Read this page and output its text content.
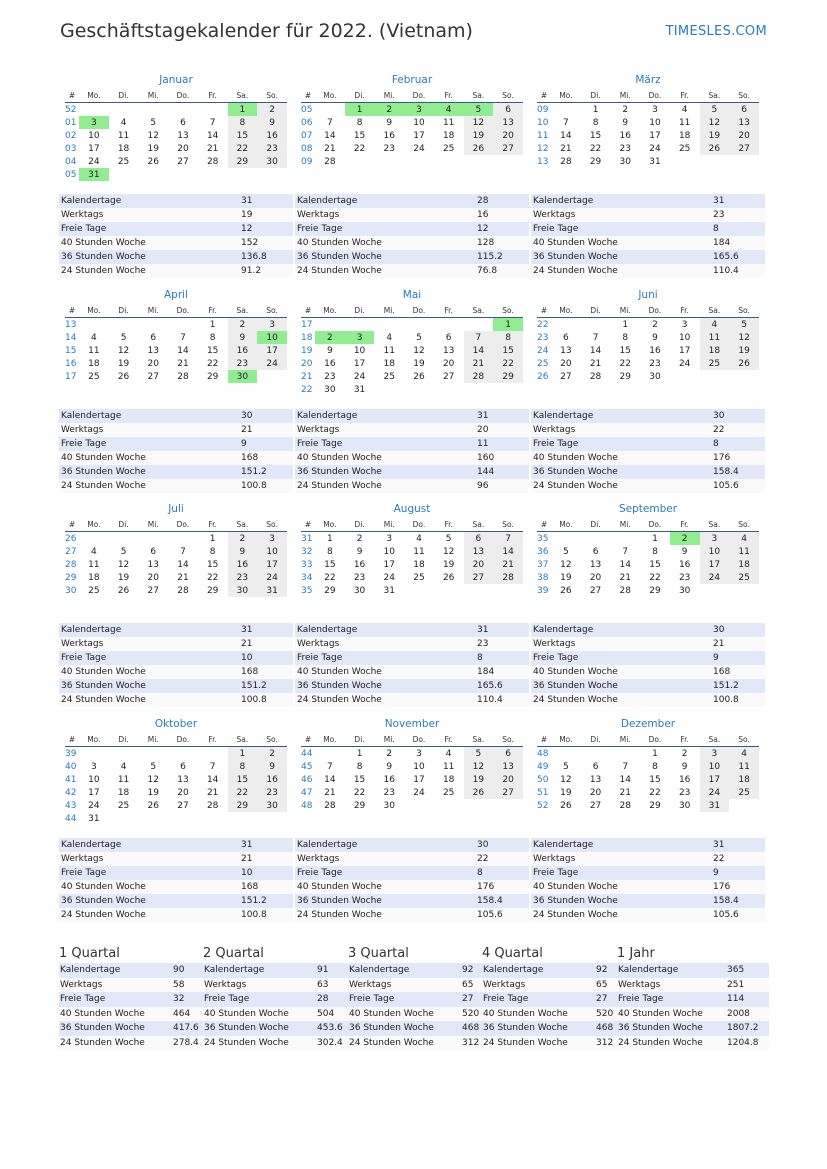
Geschäftstagekalender für 2022. (Vietnam)	TIMESLES.COM
Januar
#	Mo.	Di.	Mi.	Do.	Fr.	Sa.	So.
52						1	2
01	3	4	5	6	7	8	9
02	10	11	12	13	14	15	16
03	17	18	19	20	21	22	23
04	24	25	26	27	28	29	30
05	31						
Kalendertage	31
Werktags	19
Freie Tage	12
40 Stunden Woche	152
36 Stunden Woche	136.8
24 Stunden Woche	91.2
Februar
#	Mo.	Di.	Mi.	Do.	Fr.	Sa.	So.
05		1	2	3	4	5	6
06	7	8	9	10	11	12	13
07	14	15	16	17	18	19	20
08	21	22	23	24	25	26	27
09	28						
Kalendertage	28
Werktags	16
Freie Tage	12
40 Stunden Woche	128
36 Stunden Woche	115.2
24 Stunden Woche	76.8
März
#	Mo.	Di.	Mi.	Do.	Fr.	Sa.	So.
09		1	2	3	4	5	6
10	7	8	9	10	11	12	13
11	14	15	16	17	18	19	20
12	21	22	23	24	25	26	27
13	28	29	30	31			
Kalendertage	31
Werktags	23
Freie Tage	8
40 Stunden Woche	184
36 Stunden Woche	165.6
24 Stunden Woche	110.4
April
#	Mo.	Di.	Mi.	Do.	Fr.	Sa.	So.
13					1	2	3
14	4	5	6	7	8	9	10
15	11	12	13	14	15	16	17
16	18	19	20	21	22	23	24
17	25	26	27	28	29	30	
Kalendertage	30
Werktags	21
Freie Tage	9
40 Stunden Woche	168
36 Stunden Woche	151.2
24 Stunden Woche	100.8
Mai
#	Mo.	Di.	Mi.	Do.	Fr.	Sa.	So.
17							1
18	2	3	4	5	6	7	8
19	9	10	11	12	13	14	15
20	16	17	18	19	20	21	22
21	23	24	25	26	27	28	29
22	30	31					
Kalendertage	31
Werktags	20
Freie Tage	11
40 Stunden Woche	160
36 Stunden Woche	144
24 Stunden Woche	96
Juni
#	Mo.	Di.	Mi.	Do.	Fr.	Sa.	So.
22			1	2	3	4	5
23	6	7	8	9	10	11	12
24	13	14	15	16	17	18	19
25	20	21	22	23	24	25	26
26	27	28	29	30			
Kalendertage	30
Werktags	22
Freie Tage	8
40 Stunden Woche	176
36 Stunden Woche	158.4
24 Stunden Woche	105.6
Juli
#	Mo.	Di.	Mi.	Do.	Fr.	Sa.	So.
26					1	2	3
27	4	5	6	7	8	9	10
28	11	12	13	14	15	16	17
29	18	19	20	21	22	23	24
30	25	26	27	28	29	30	31
Kalendertage	31
Werktags	21
Freie Tage	10
40 Stunden Woche	168
36 Stunden Woche	151.2
24 Stunden Woche	100.8
August
#	Mo.	Di.	Mi.	Do.	Fr.	Sa.	So.
31	1	2	3	4	5	6	7
32	8	9	10	11	12	13	14
33	15	16	17	18	19	20	21
34	22	23	24	25	26	27	28
35	29	30	31				
Kalendertage	31
Werktags	23
Freie Tage	8
40 Stunden Woche	184
36 Stunden Woche	165.6
24 Stunden Woche	110.4
September
#	Mo.	Di.	Mi.	Do.	Fr.	Sa.	So.
35				1	2	3	4
36	5	6	7	8	9	10	11
37	12	13	14	15	16	17	18
38	19	20	21	22	23	24	25
39	26	27	28	29	30		
Kalendertage	30
Werktags	21
Freie Tage	9
40 Stunden Woche	168
36 Stunden Woche	151.2
24 Stunden Woche	100.8
Oktober
#	Mo.	Di.	Mi.	Do.	Fr.	Sa.	So.
39						1	2
40	3	4	5	6	7	8	9
41	10	11	12	13	14	15	16
42	17	18	19	20	21	22	23
43	24	25	26	27	28	29	30
44	31						
Kalendertage	31
Werktags	21
Freie Tage	10
40 Stunden Woche	168
36 Stunden Woche	151.2
24 Stunden Woche	100.8
November
#	Mo.	Di.	Mi.	Do.	Fr.	Sa.	So.
44		1	2	3	4	5	6
45	7	8	9	10	11	12	13
46	14	15	16	17	18	19	20
47	21	22	23	24	25	26	27
48	28	29	30				
Kalendertage	30
Werktags	22
Freie Tage	8
40 Stunden Woche	176
36 Stunden Woche	158.4
24 Stunden Woche	105.6
Dezember
#	Mo.	Di.	Mi.	Do.	Fr.	Sa.	So.
48				1	2	3	4
49	5	6	7	8	9	10	11
50	12	13	14	15	16	17	18
51	19	20	21	22	23	24	25
52	26	27	28	29	30	31	
Kalendertage	31
Werktags	22
Freie Tage	9
40 Stunden Woche	176
36 Stunden Woche	158.4
24 Stunden Woche	105.6
1 Quartal
Kalendertage	90
Werktags	58
Freie Tage	32
40 Stunden Woche	464
36 Stunden Woche	417.6
24 Stunden Woche	278.4
2 Quartal
Kalendertage	91
Werktags	63
Freie Tage	28
40 Stunden Woche	504
36 Stunden Woche	453.6
24 Stunden Woche	302.4
3 Quartal
Kalendertage	92
Werktags	65
Freie Tage	27
40 Stunden Woche	520
36 Stunden Woche	468
24 Stunden Woche	312
4 Quartal
Kalendertage	92
Werktags	65
Freie Tage	27
40 Stunden Woche	520
36 Stunden Woche	468
24 Stunden Woche	312
1 Jahr
Kalendertage	365
Werktags	251
Freie Tage	114
40 Stunden Woche	2008
36 Stunden Woche	1807.2
24 Stunden Woche	1204.8
